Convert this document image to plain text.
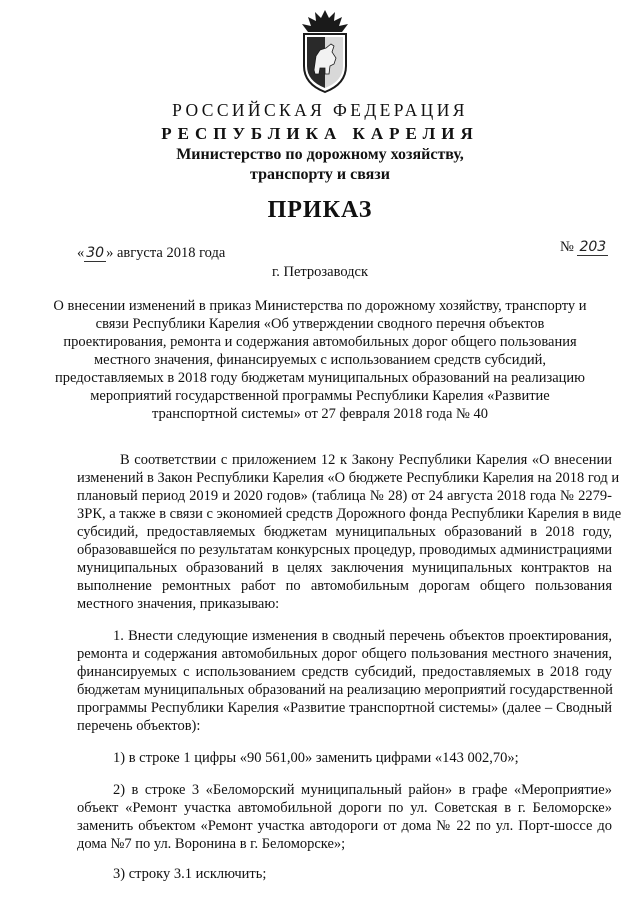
РОССИЙСКАЯ ФЕДЕРАЦИЯ
РЕСПУБЛИКА КАРЕЛИЯ
Министерство по дорожному хозяйству,
транспорту и связи
ПРИКАЗ
« 30 » августа 2018 года	№ 203
г. Петрозаводск
О внесении изменений в приказ Министерства по дорожному хозяйству, транспорту и
связи Республики Карелия «Об утверждении сводного перечня объектов
проектирования, ремонта и содержания автомобильных дорог общего пользования
местного значения, финансируемых с использованием средств субсидий,
предоставляемых в 2018 году бюджетам муниципальных образований на реализацию
мероприятий государственной программы Республики Карелия «Развитие
транспортной системы» от 27 февраля 2018 года № 40
В соответствии с приложением 12 к Закону Республики Карелия «О внесении
изменений в Закон Республики Карелия «О бюджете Республики Карелия на 2018 год и
плановый период 2019 и 2020 годов» (таблица № 28) от 24 августа 2018 года № 2279-
ЗРК, а также в связи с экономией средств Дорожного фонда Республики Карелия в виде
субсидий, предоставляемых бюджетам муниципальных образований в 2018 году,
образовавшейся по результатам конкурсных процедур, проводимых администрациями
муниципальных образований в целях заключения муниципальных контрактов на
выполнение ремонтных работ по автомобильным дорогам общего пользования
местного значения, приказываю:
1. Внести следующие изменения в сводный перечень объектов проектирования,
ремонта и содержания автомобильных дорог общего пользования местного значения,
финансируемых с использованием средств субсидий, предоставляемых в 2018 году
бюджетам муниципальных образований на реализацию мероприятий государственной
программы Республики Карелия «Развитие транспортной системы» (далее – Сводный
перечень объектов):
1) в строке 1 цифры «90 561,00» заменить цифрами «143 002,70»;
2) в строке 3 «Беломорский муниципальный район» в графе «Мероприятие»
объект «Ремонт участка автомобильной дороги по ул. Советская в г. Беломорске»
заменить объектом «Ремонт участка автодороги от дома № 22 по ул. Порт-шоссе до
дома №7 по ул. Воронина в г. Беломорске»;
3) строку 3.1 исключить;
